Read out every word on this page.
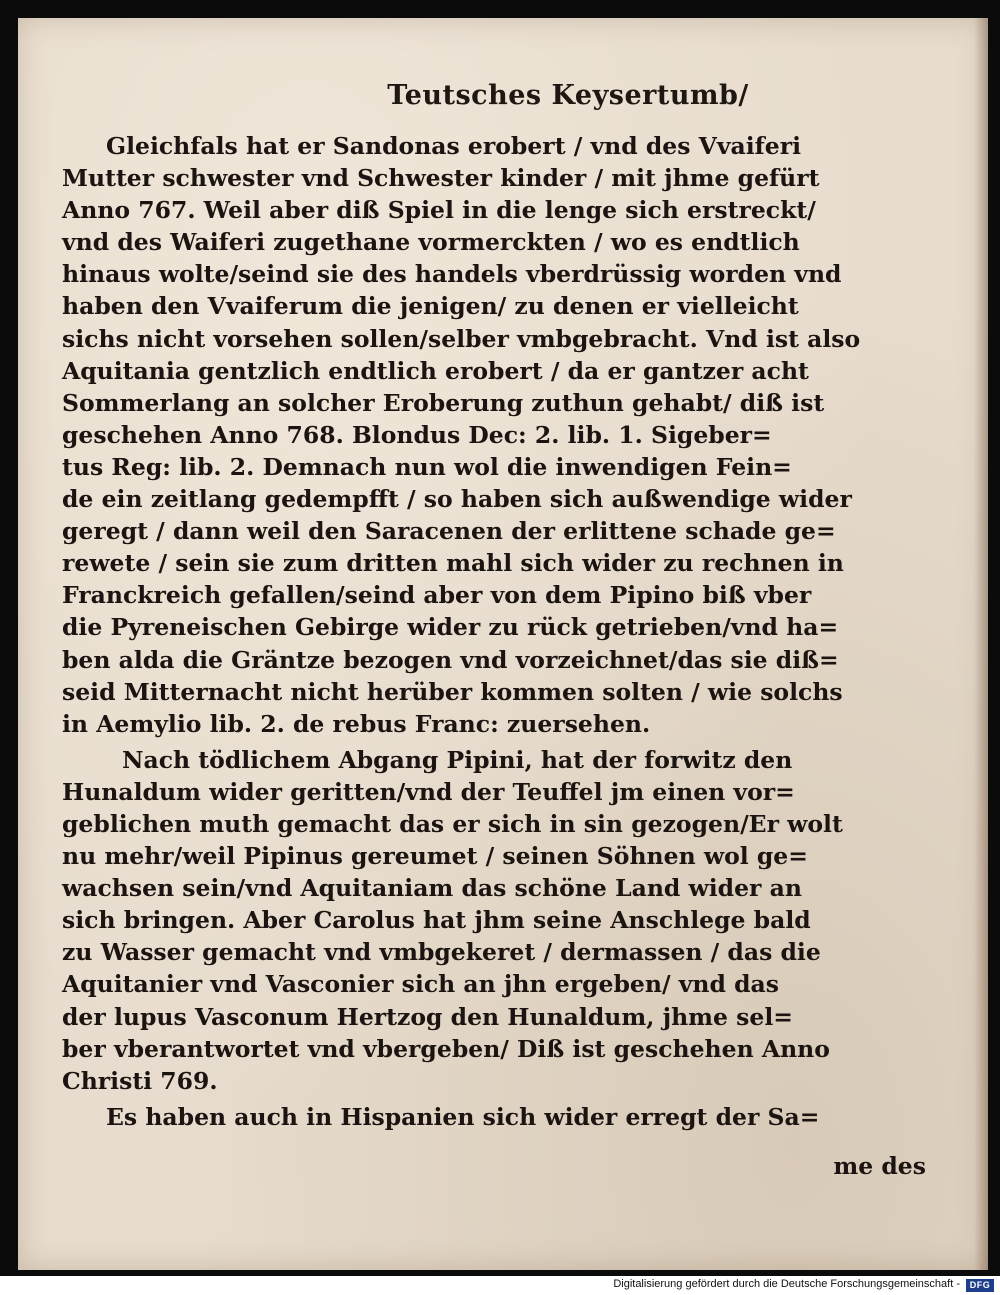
Teutsches Keysertumb/
Gleichfals hat er Sandonas erobert / vnd des Vvaiferi
Mutter schwester vnd Schwester kinder / mit jhme gefürt
Anno 767. Weil aber diß Spiel in die lenge sich erstreckt/
vnd des Waiferi zugethane vormerckten / wo es endtlich
hinaus wolte/seind sie des handels vberdrüssig worden vnd
haben den Vvaiferum die jenigen/ zu denen er vielleicht
sichs nicht vorsehen sollen/selber vmbgebracht. Vnd ist also
Aquitania gentzlich endtlich erobert / da er gantzer acht
Sommerlang an solcher Eroberung zuthun gehabt/ diß ist
geschehen Anno 768. Blondus Dec: 2. lib. 1. Sigeber=
tus Reg: lib. 2. Demnach nun wol die inwendigen Fein=
de ein zeitlang gedempfft / so haben sich außwendige wider
geregt / dann weil den Saracenen der erlittene schade ge=
rewete / sein sie zum dritten mahl sich wider zu rechnen in
Franckreich gefallen/seind aber von dem Pipino biß vber
die Pyreneischen Gebirge wider zu rück getrieben/vnd ha=
ben alda die Gräntze bezogen vnd vorzeichnet/das sie diß=
seid Mitternacht nicht herüber kommen solten / wie solchs
in Aemylio lib. 2. de rebus Franc: zuersehen.
Nach tödlichem Abgang Pipini, hat der forwitz den
Hunaldum wider geritten/vnd der Teuffel jm einen vor=
geblichen muth gemacht das er sich in sin gezogen/Er wolt
nu mehr/weil Pipinus gereumet / seinen Söhnen wol ge=
wachsen sein/vnd Aquitaniam das schöne Land wider an
sich bringen. Aber Carolus hat jhm seine Anschlege bald
zu Wasser gemacht vnd vmbgekeret / dermassen / das die
Aquitanier vnd Vasconier sich an jhn ergeben/ vnd das
der lupus Vasconum Hertzog den Hunaldum, jhme sel=
ber vberantwortet vnd vbergeben/ Diß ist geschehen Anno
Christi 769.
Es haben auch in Hispanien sich wider erregt der Sa=
me des
Digitalisierung gefördert durch die Deutsche Forschungsgemeinschaft -	DFG
